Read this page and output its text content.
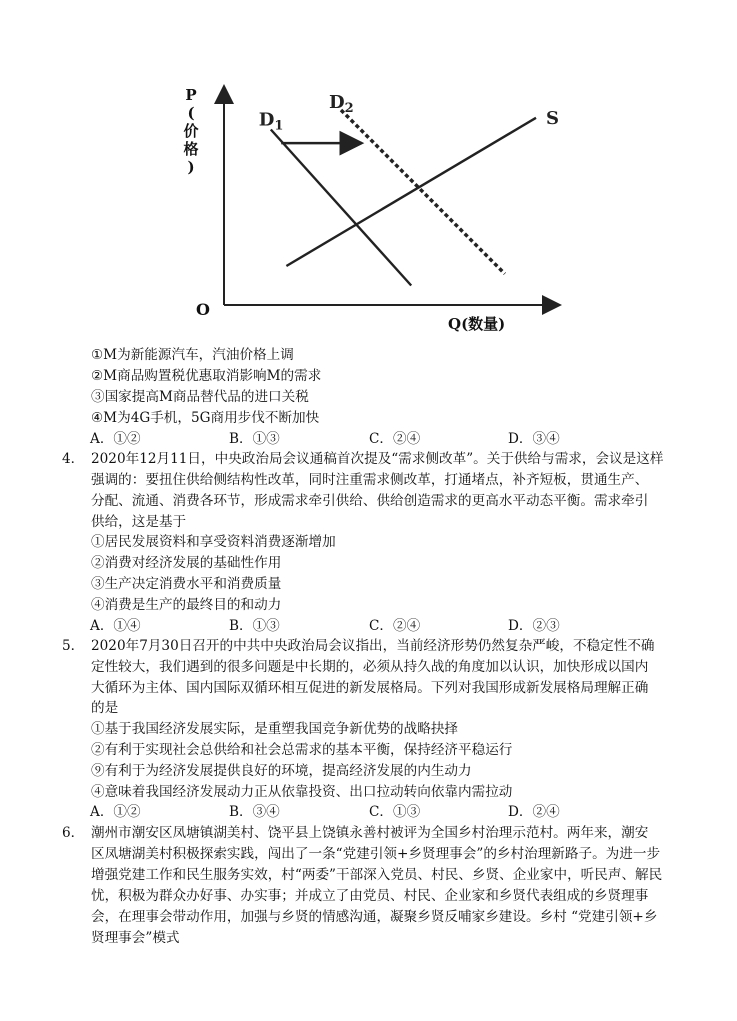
$D_1$
$D_2$	S
P
(
价
格
)
Q(数量)
O
①M为新能源汽车，汽油价格上调
②M商品购置税优惠取消影响M的需求
③国家提高M商品替代品的进口关税
④M为4G手机，5G商用步伐不断加快
A．①②	B．①③	C．②④	D．③④
4． 2020年12月11日，中央政治局会议通稿首次提及“需求侧改革”。关于供给与需求，会议是这样
强调的：要扭住供给侧结构性改革，同时注重需求侧改革，打通堵点，补齐短板，贯通生产、
分配、流通、消费各环节，形成需求牵引供给、供给创造需求的更高水平动态平衡。需求牵引
供给，这是基于
①居民发展资料和享受资料消费逐渐增加
②消费对经济发展的基础性作用
③生产决定消费水平和消费质量
④消费是生产的最终目的和动力
A．①④	B．①③	C．②④	D．②③
5． 2020年7月30日召开的中共中央政治局会议指出，当前经济形势仍然复杂严峻，不稳定性不确
定性较大，我们遇到的很多问题是中长期的，必须从持久战的角度加以认识，加快形成以国内
大循环为主体、国内国际双循环相互促进的新发展格局。下列对我国形成新发展格局理解正确
的是
①基于我国经济发展实际，是重塑我国竞争新优势的战略抉择
②有利于实现社会总供给和社会总需求的基本平衡，保持经济平稳运行
⑨有利于为经济发展提供良好的环境，提高经济发展的内生动力
④意味着我国经济发展动力正从依靠投资、出口拉动转向依靠内需拉动
A．①②	B．③④	C．①③	D．②④
6． 潮州市潮安区凤塘镇湖美村、饶平县上饶镇永善村被评为全国乡村治理示范村。两年来，潮安
区凤塘湖美村积极探索实践，闯出了一条“党建引领+乡贤理事会”的乡村治理新路子。为进一步
增强党建工作和民生服务实效，村“两委”干部深入党员、村民、乡贤、企业家中，听民声、解民
忧，积极为群众办好事、办实事；并成立了由党员、村民、企业家和乡贤代表组成的乡贤理事
会，在理事会带动作用，加强与乡贤的情感沟通，凝聚乡贤反哺家乡建设。乡村 “党建引领+乡
贤理事会”模式
